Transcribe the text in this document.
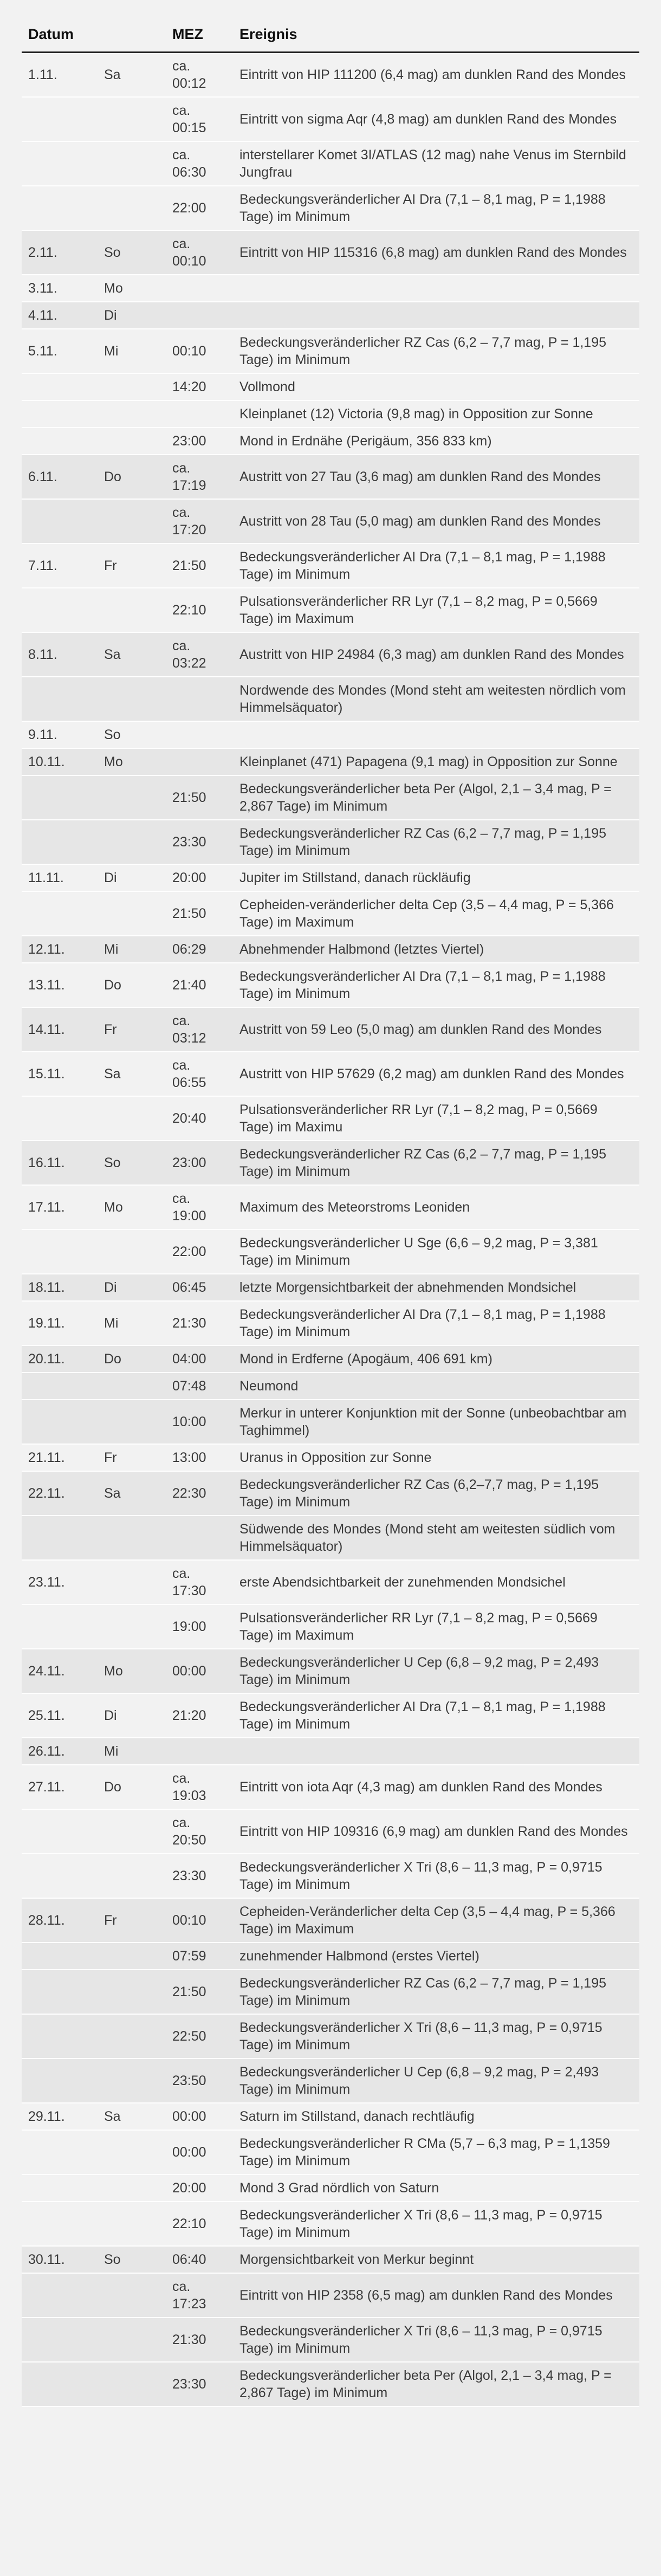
Datum		MEZ	Ereignis
1.11.	Sa	ca. 00:12	Eintritt von HIP 111200 (6,4 mag) am dunklen Rand des Mondes
		ca. 00:15	Eintritt von sigma Aqr (4,8 mag) am dunklen Rand des Mondes
		ca. 06:30	interstellarer Komet 3I/ATLAS (12 mag) nahe Venus im Sternbild Jungfrau
		22:00	Bedeckungsveränderlicher AI Dra (7,1 – 8,1 mag, P = 1,1988 Tage) im Minimum
2.11.	So	ca. 00:10	Eintritt von HIP 115316 (6,8 mag) am dunklen Rand des Mondes
3.11.	Mo		
4.11.	Di		
5.11.	Mi	00:10	Bedeckungsveränderlicher RZ Cas (6,2 – 7,7 mag, P = 1,195 Tage) im Minimum
		14:20	Vollmond
			Kleinplanet (12) Victoria (9,8 mag) in Opposition zur Sonne
		23:00	Mond in Erdnähe (Perigäum, 356 833 km)
6.11.	Do	ca. 17:19	Austritt von 27 Tau (3,6 mag) am dunklen Rand des Mondes
		ca. 17:20	Austritt von 28 Tau (5,0 mag) am dunklen Rand des Mondes
7.11.	Fr	21:50	Bedeckungsveränderlicher AI Dra (7,1 – 8,1 mag, P = 1,1988 Tage) im Minimum
		22:10	Pulsationsveränderlicher RR Lyr (7,1 – 8,2 mag, P = 0,5669 Tage) im Maximum
8.11.	Sa	ca. 03:22	Austritt von HIP 24984 (6,3 mag) am dunklen Rand des Mondes
			Nordwende des Mondes (Mond steht am weitesten nördlich vom Himmelsäquator)
9.11.	So		
10.11.	Mo		Kleinplanet (471) Papagena (9,1 mag) in Opposition zur Sonne
		21:50	Bedeckungsveränderlicher beta Per (Algol, 2,1 – 3,4 mag, P = 2,867 Tage) im Minimum
		23:30	Bedeckungsveränderlicher RZ Cas (6,2 – 7,7 mag, P = 1,195 Tage) im Minimum
11.11.	Di	20:00	Jupiter im Stillstand, danach rückläufig
		21:50	Cepheiden-veränderlicher delta Cep (3,5 – 4,4 mag, P = 5,366 Tage) im Maximum
12.11.	Mi	06:29	Abnehmender Halbmond (letztes Viertel)
13.11.	Do	21:40	Bedeckungsveränderlicher AI Dra (7,1 – 8,1 mag, P = 1,1988 Tage) im Minimum
14.11.	Fr	ca. 03:12	Austritt von 59 Leo (5,0 mag) am dunklen Rand des Mondes
15.11.	Sa	ca. 06:55	Austritt von HIP 57629 (6,2 mag) am dunklen Rand des Mondes
		20:40	Pulsationsveränderlicher RR Lyr (7,1 – 8,2 mag, P = 0,5669 Tage) im Maximu
16.11.	So	23:00	Bedeckungsveränderlicher RZ Cas (6,2 – 7,7 mag, P = 1,195 Tage) im Minimum
17.11.	Mo	ca. 19:00	Maximum des Meteorstroms Leoniden
		22:00	Bedeckungsveränderlicher U Sge (6,6 – 9,2 mag, P = 3,381 Tage) im Minimum
18.11.	Di	06:45	letzte Morgensichtbarkeit der abnehmenden Mondsichel
19.11.	Mi	21:30	Bedeckungsveränderlicher AI Dra (7,1 – 8,1 mag, P = 1,1988 Tage) im Minimum
20.11.	Do	04:00	Mond in Erdferne (Apogäum, 406 691 km)
		07:48	Neumond
		10:00	Merkur in unterer Konjunktion mit der Sonne (unbeobachtbar am Taghimmel)
21.11.	Fr	13:00	Uranus in Opposition zur Sonne
22.11.	Sa	22:30	Bedeckungsveränderlicher RZ Cas (6,2–7,7 mag, P = 1,195 Tage) im Minimum
			Südwende des Mondes (Mond steht am weitesten südlich vom Himmelsäquator)
23.11.		ca. 17:30	erste Abendsichtbarkeit der zunehmenden Mondsichel
		19:00	Pulsationsveränderlicher RR Lyr (7,1 – 8,2 mag, P = 0,5669 Tage) im Maximum
24.11.	Mo	00:00	Bedeckungsveränderlicher U Cep (6,8 – 9,2 mag, P = 2,493 Tage) im Minimum
25.11.	Di	21:20	Bedeckungsveränderlicher AI Dra (7,1 – 8,1 mag, P = 1,1988 Tage) im Minimum
26.11.	Mi		
27.11.	Do	ca. 19:03	Eintritt von iota Aqr (4,3 mag) am dunklen Rand des Mondes
		ca. 20:50	Eintritt von HIP 109316 (6,9 mag) am dunklen Rand des Mondes
		23:30	Bedeckungsveränderlicher X Tri (8,6 – 11,3 mag, P = 0,9715 Tage) im Minimum
28.11.	Fr	00:10	Cepheiden-Veränderlicher delta Cep (3,5 – 4,4 mag, P = 5,366 Tage) im Maximum
		07:59	zunehmender Halbmond (erstes Viertel)
		21:50	Bedeckungsveränderlicher RZ Cas (6,2 – 7,7 mag, P = 1,195 Tage) im Minimum
		22:50	Bedeckungsveränderlicher X Tri (8,6 – 11,3 mag, P = 0,9715 Tage) im Minimum
		23:50	Bedeckungsveränderlicher U Cep (6,8 – 9,2 mag, P = 2,493 Tage) im Minimum
29.11.	Sa	00:00	Saturn im Stillstand, danach rechtläufig
		00:00	Bedeckungsveränderlicher R CMa (5,7 – 6,3 mag, P = 1,1359 Tage) im Minimum
		20:00	Mond 3 Grad nördlich von Saturn
		22:10	Bedeckungsveränderlicher X Tri (8,6 – 11,3 mag, P = 0,9715 Tage) im Minimum
30.11.	So	06:40	Morgensichtbarkeit von Merkur beginnt
		ca. 17:23	Eintritt von HIP 2358 (6,5 mag) am dunklen Rand des Mondes
		21:30	Bedeckungsveränderlicher X Tri (8,6 – 11,3 mag, P = 0,9715 Tage) im Minimum
		23:30	Bedeckungsveränderlicher beta Per (Algol, 2,1 – 3,4 mag, P = 2,867 Tage) im Minimum
